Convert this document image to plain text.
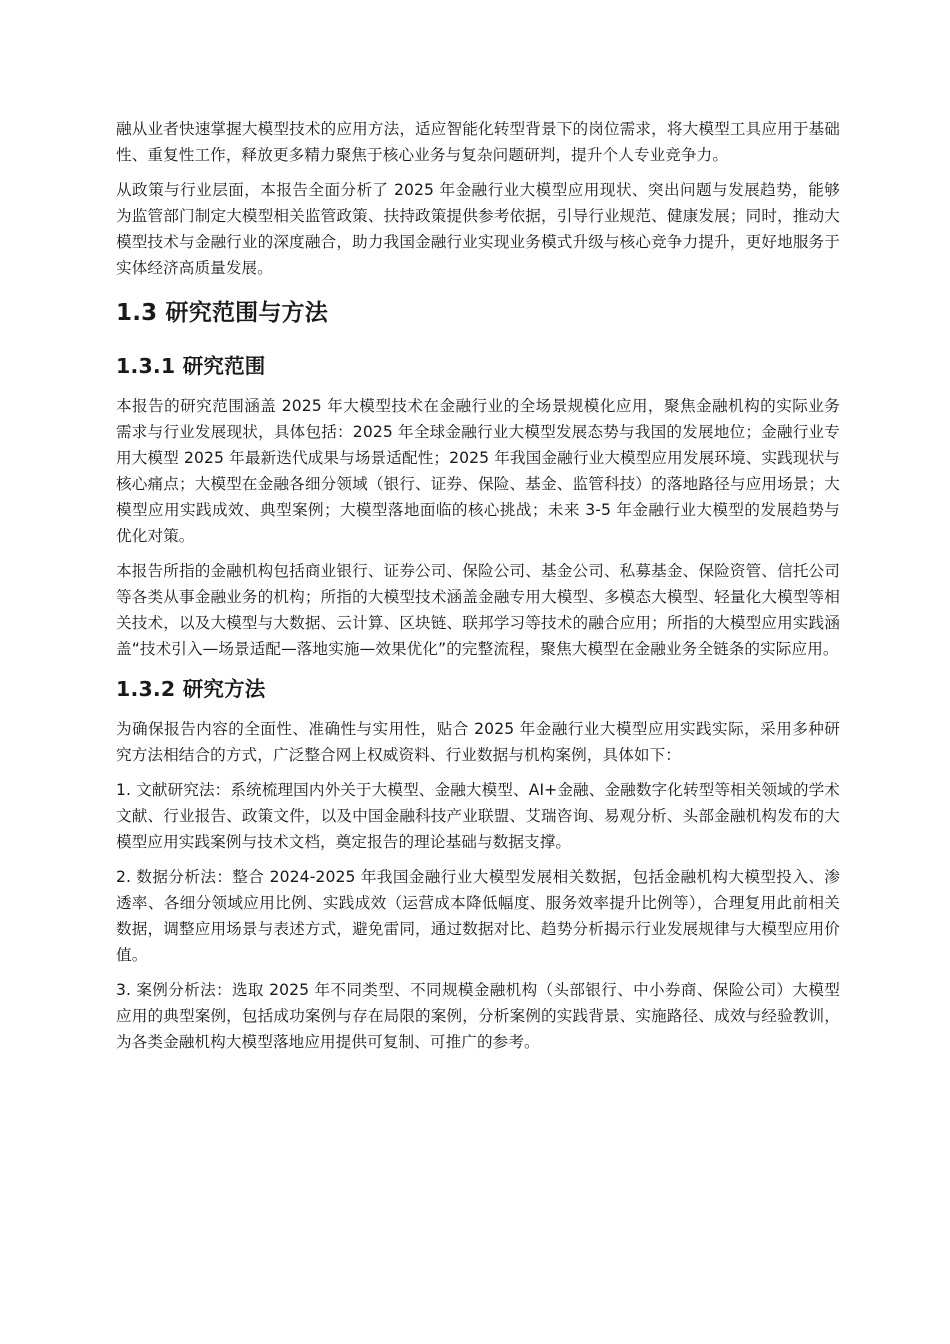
融从业者快速掌握大模型技术的应用方法，适应智能化转型背景下的岗位需求，将大模型工具应用于基础性、重复性工作，释放更多精力聚焦于核心业务与复杂问题研判，提升个人专业竞争力。

从政策与行业层面，本报告全面分析了 2025 年金融行业大模型应用现状、突出问题与发展趋势，能够为监管部门制定大模型相关监管政策、扶持政策提供参考依据，引导行业规范、健康发展；同时，推动大模型技术与金融行业的深度融合，助力我国金融行业实现业务模式升级与核心竞争力提升，更好地服务于实体经济高质量发展。

1.3 研究范围与方法
1.3.1 研究范围

本报告的研究范围涵盖 2025 年大模型技术在金融行业的全场景规模化应用，聚焦金融机构的实际业务需求与行业发展现状，具体包括：2025 年全球金融行业大模型发展态势与我国的发展地位；金融行业专用大模型 2025 年最新迭代成果与场景适配性；2025 年我国金融行业大模型应用发展环境、实践现状与核心痛点；大模型在金融各细分领域（银行、证券、保险、基金、监管科技）的落地路径与应用场景；大模型应用实践成效、典型案例；大模型落地面临的核心挑战；未来 3-5 年金融行业大模型的发展趋势与优化对策。

本报告所指的金融机构包括商业银行、证券公司、保险公司、基金公司、私募基金、保险资管、信托公司等各类从事金融业务的机构；所指的大模型技术涵盖金融专用大模型、多模态大模型、轻量化大模型等相关技术，以及大模型与大数据、云计算、区块链、联邦学习等技术的融合应用；所指的大模型应用实践涵盖“技术引入—场景适配—落地实施—效果优化”的完整流程，聚焦大模型在金融业务全链条的实际应用。

1.3.2 研究方法

为确保报告内容的全面性、准确性与实用性，贴合 2025 年金融行业大模型应用实践实际，采用多种研究方法相结合的方式，广泛整合网上权威资料、行业数据与机构案例，具体如下：

1. 文献研究法：系统梳理国内外关于大模型、金融大模型、AI+金融、金融数字化转型等相关领域的学术文献、行业报告、政策文件，以及中国金融科技产业联盟、艾瑞咨询、易观分析、头部金融机构发布的大模型应用实践案例与技术文档，奠定报告的理论基础与数据支撑。

2. 数据分析法：整合 2024-2025 年我国金融行业大模型发展相关数据，包括金融机构大模型投入、渗透率、各细分领域应用比例、实践成效（运营成本降低幅度、服务效率提升比例等），合理复用此前相关数据，调整应用场景与表述方式，避免雷同，通过数据对比、趋势分析揭示行业发展规律与大模型应用价值。

3. 案例分析法：选取 2025 年不同类型、不同规模金融机构（头部银行、中小券商、保险公司）大模型应用的典型案例，包括成功案例与存在局限的案例，分析案例的实践背景、实施路径、成效与经验教训，为各类金融机构大模型落地应用提供可复制、可推广的参考。
